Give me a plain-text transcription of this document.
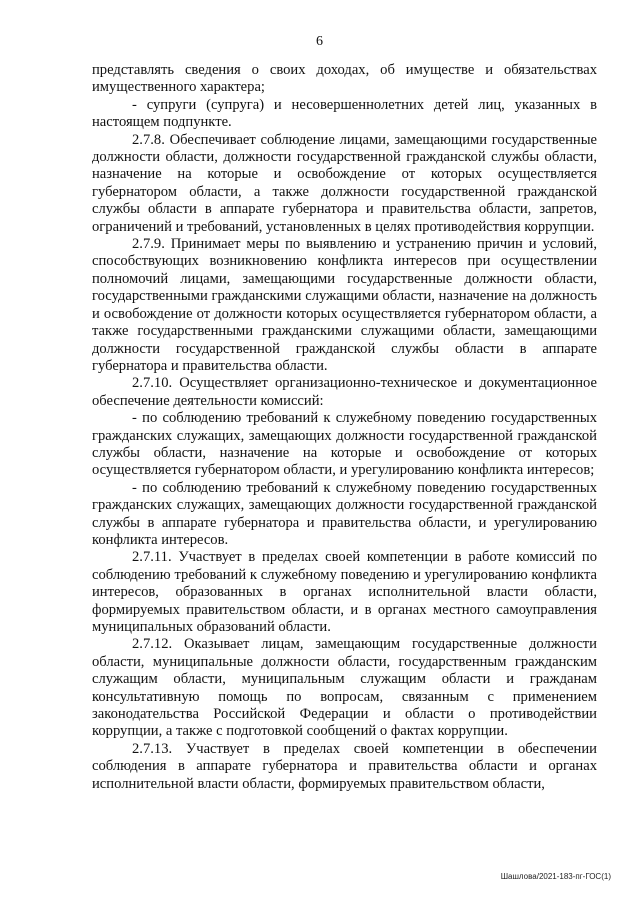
6

представлять сведения о своих доходах, об имуществе и обязательствах имущественного характера;

- супруги (супруга) и несовершеннолетних детей лиц, указанных в настоящем подпункте.

2.7.8. Обеспечивает соблюдение лицами, замещающими государственные должности области, должности государственной гражданской службы области, назначение на которые и освобождение от которых осуществляется губернатором области, а также должности государственной гражданской службы области в аппарате губернатора и правительства области, запретов, ограничений и требований, установленных в целях противодействия коррупции.

2.7.9. Принимает меры по выявлению и устранению причин и условий, способствующих возникновению конфликта интересов при осуществлении полномочий лицами, замещающими государственные должности области, государственными гражданскими служащими области, назначение на должность и освобождение от должности которых осуществляется губернатором области, а также государственными гражданскими служащими области, замещающими должности государственной гражданской службы области в аппарате губернатора и правительства области.

2.7.10. Осуществляет организационно-техническое и документационное обеспечение деятельности комиссий:

- по соблюдению требований к служебному поведению государственных гражданских служащих, замещающих должности государственной гражданской службы области, назначение на которые и освобождение от которых осуществляется губернатором области, и урегулированию конфликта интересов;

- по соблюдению требований к служебному поведению государственных гражданских служащих, замещающих должности государственной гражданской службы в аппарате губернатора и правительства области, и урегулированию конфликта интересов.

2.7.11. Участвует в пределах своей компетенции в работе комиссий по соблюдению требований к служебному поведению и урегулированию конфликта интересов, образованных в органах исполнительной власти области, формируемых правительством области, и в органах местного самоуправления муниципальных образований области.

2.7.12. Оказывает лицам, замещающим государственные должности области, муниципальные должности области, государственным гражданским служащим области, муниципальным служащим области и гражданам консультативную помощь по вопросам, связанным с применением законодательства Российской Федерации и области о противодействии коррупции, а также с подготовкой сообщений о фактах коррупции.

2.7.13. Участвует в пределах своей компетенции в обеспечении соблюдения в аппарате губернатора и правительства области и органах исполнительной власти области, формируемых правительством области,

Шашлова/2021-183-пг-ГОС(1)
